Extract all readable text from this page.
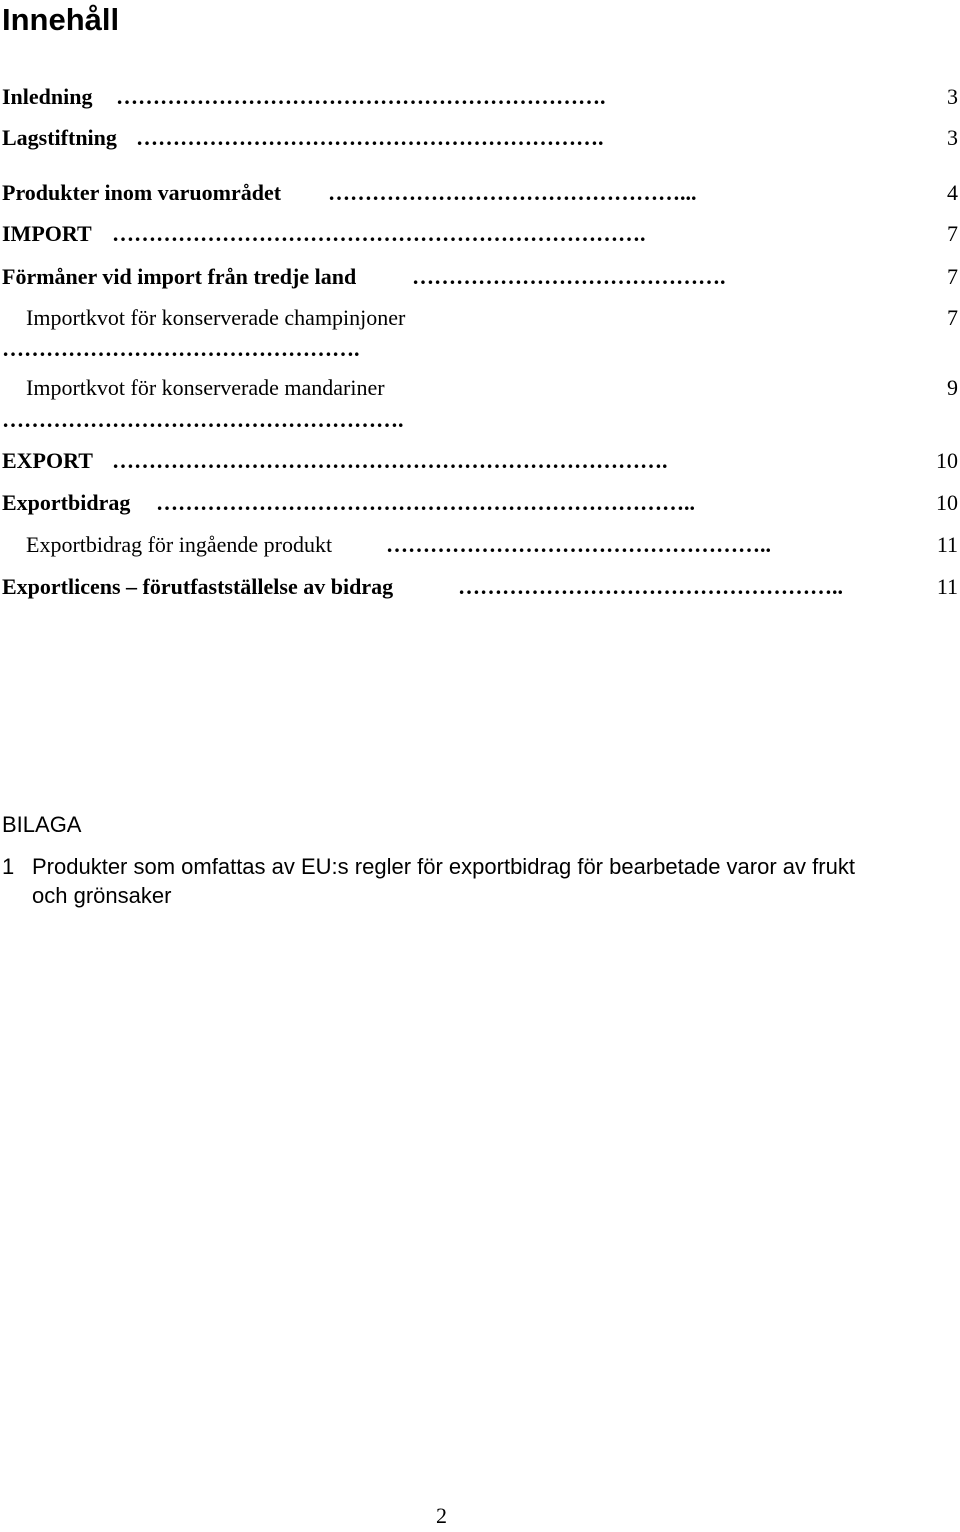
Innehåll
Inledning ………………………………………………………….	3
Lagstiftning ……………………………………………………….	3
Produkter inom varuområdet …………………………………………...	4
IMPORT ……………………………………………………………….	7
Förmåner vid import från tredje land	…………………………………….	7
Importkvot för konserverade champinjoner	7
………………………………………….
Importkvot för konserverade mandariner	9
……………………………………………….
EXPORT ………………………………………………………………….	10
Exportbidrag ………………………………………………………………..	10
Exportbidrag för ingående produkt ……………………………………………..	11
Exportlicens – förutfastställelse av bidrag	……………………………………………..	11
BILAGA
1 Produkter som omfattas av EU:s regler för exportbidrag för bearbetade varor av frukt och grönsaker
2
